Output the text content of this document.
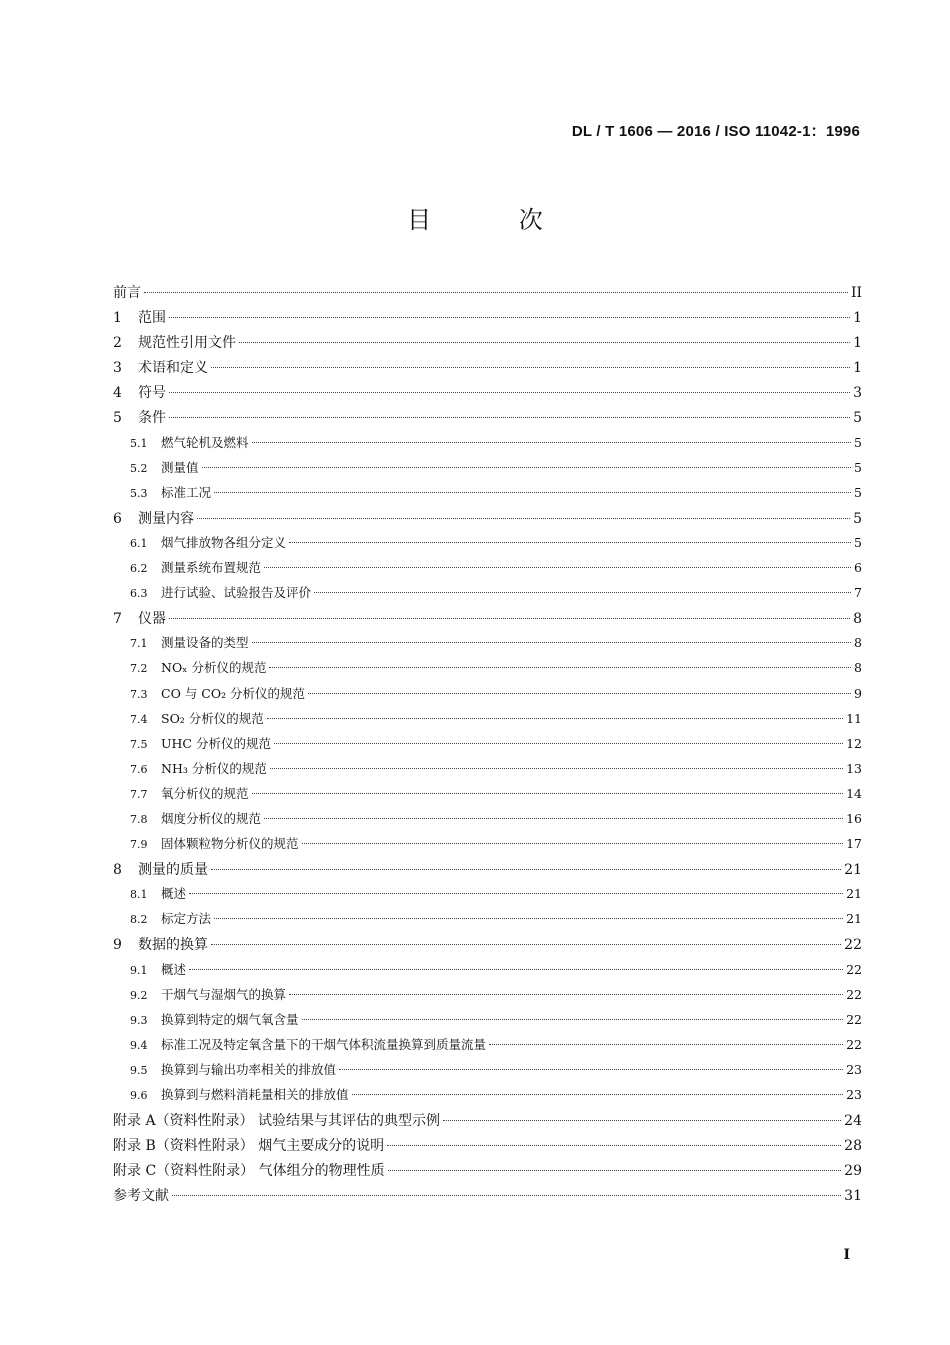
DL / T 1606 — 2016 / ISO 11042-1：1996
目 次
前言	II
1 范围	1
2 规范性引用文件	1
3 术语和定义	1
4 符号	3
5 条件	5
5.1 燃气轮机及燃料	5
5.2 测量值	5
5.3 标准工况	5
6 测量内容	5
6.1 烟气排放物各组分定义	5
6.2 测量系统布置规范	6
6.3 进行试验、试验报告及评价	7
7 仪器	8
7.1 测量设备的类型	8
7.2 NOₓ 分析仪的规范	8
7.3 CO 与 CO₂ 分析仪的规范	9
7.4 SO₂ 分析仪的规范	11
7.5 UHC 分析仪的规范	12
7.6 NH₃ 分析仪的规范	13
7.7 氧分析仪的规范	14
7.8 烟度分析仪的规范	16
7.9 固体颗粒物分析仪的规范	17
8 测量的质量	21
8.1 概述	21
8.2 标定方法	21
9 数据的换算	22
9.1 概述	22
9.2 干烟气与湿烟气的换算	22
9.3 换算到特定的烟气氧含量	22
9.4 标准工况及特定氧含量下的干烟气体积流量换算到质量流量	22
9.5 换算到与输出功率相关的排放值	23
9.6 换算到与燃料消耗量相关的排放值	23
附录 A（资料性附录） 试验结果与其评估的典型示例	24
附录 B（资料性附录） 烟气主要成分的说明	28
附录 C（资料性附录） 气体组分的物理性质	29
参考文献	31
I
